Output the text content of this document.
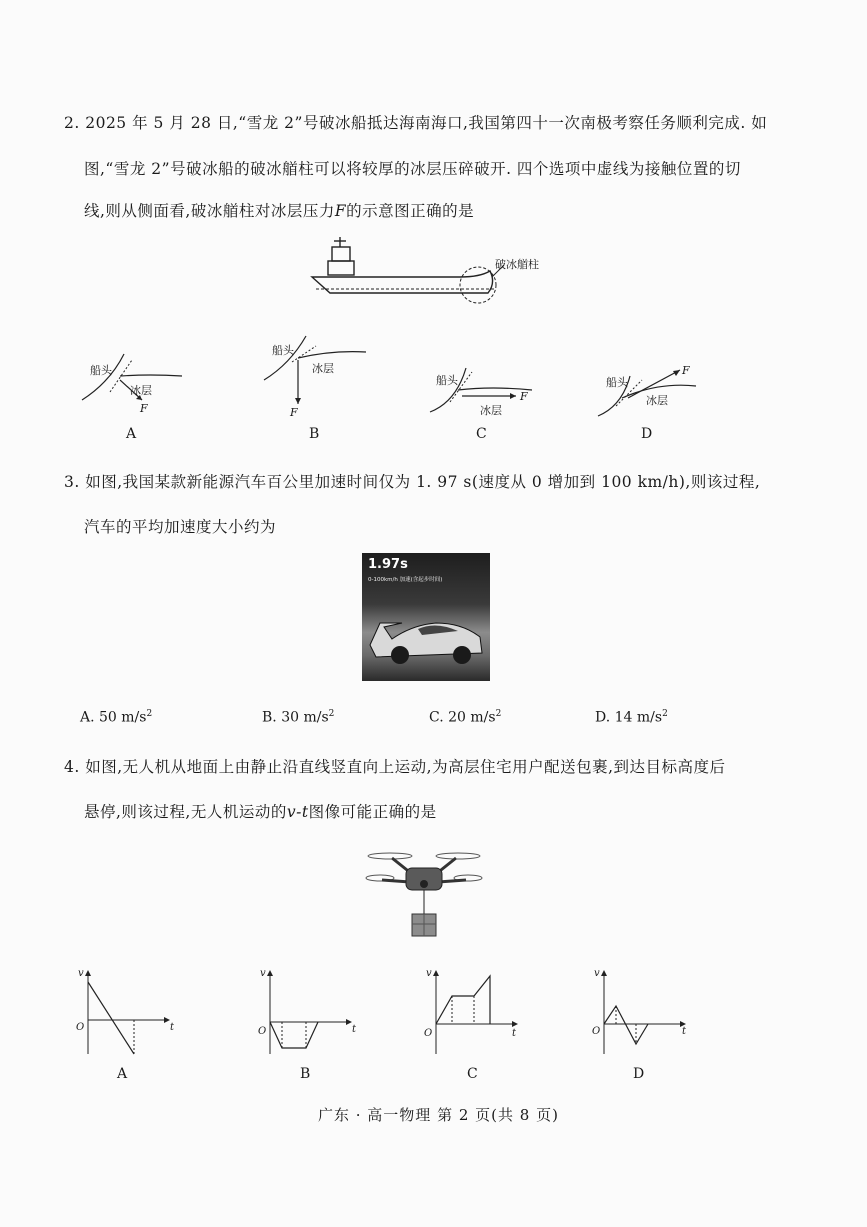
2. 2025 年 5 月 28 日,“雪龙 2”号破冰船抵达海南海口,我国第四十一次南极考察任务顺利完成. 如
图,“雪龙 2”号破冰船的破冰艏柱可以将较厚的冰层压碎破开. 四个选项中虚线为接触位置的切
线,则从侧面看,破冰艏柱对冰层压力F的示意图正确的是
破冰艏柱
船头
冰层
F
A
船头
冰层
F
B
船头
冰层
F
C
船头
冰层
F
D
3. 如图,我国某款新能源汽车百公里加速时间仅为 1. 97 s(速度从 0 增加到 100 km/h),则该过程,
汽车的平均加速度大小约为
1.97s
0-100km/h 加速(含起步时间)
A. 50 $m/s^2$	B. 30 $m/s^2$	C. 20 $m/s^2$	D. 14 $m/s^2$
4. 如图,无人机从地面上由静止沿直线竖直向上运动,为高层住宅用户配送包裹,到达目标高度后
悬停,则该过程,无人机运动的v-t图像可能正确的是
v
t
O
A
v
t
O
B
v
t
O
C
v
t
O
D
广东 · 高一物理 第 2 页(共 8 页)
